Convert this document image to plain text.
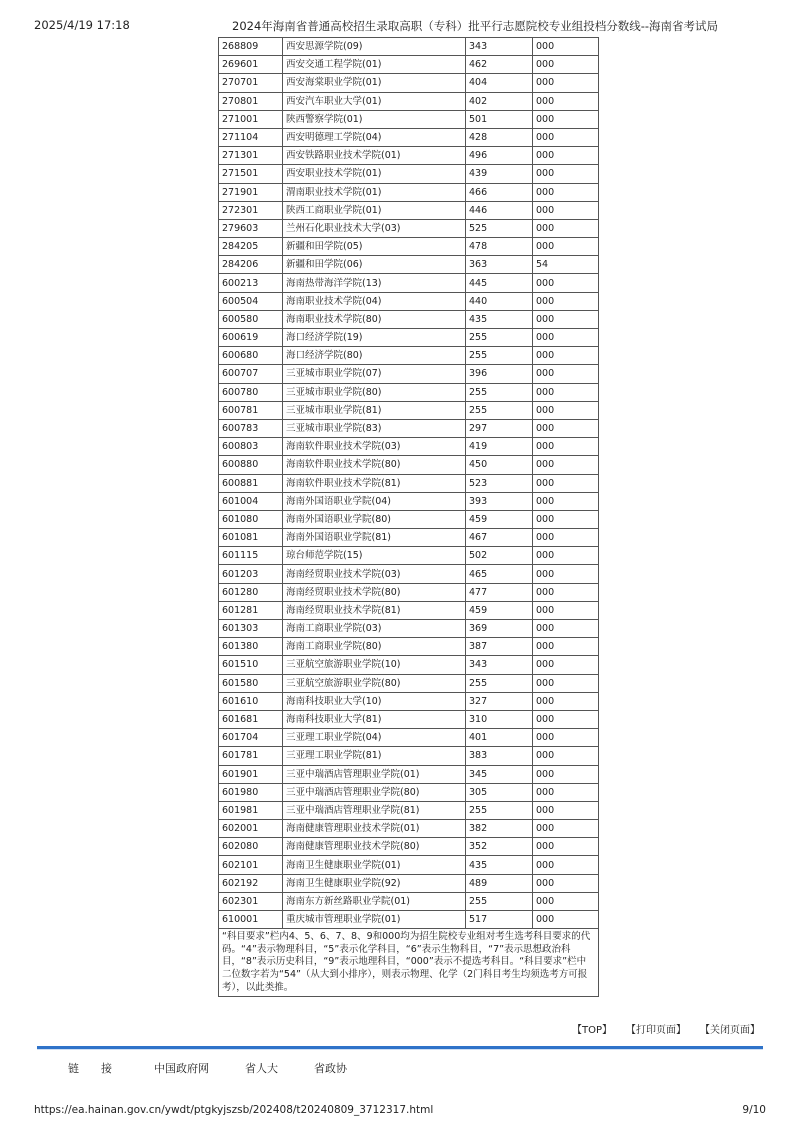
2025/4/19 17:18	2024年海南省普通高校招生录取高职（专科）批平行志愿院校专业组投档分数线--海南省考试局
268809	西安思源学院(09)	343	000
269601	西安交通工程学院(01)	462	000
270701	西安海棠职业学院(01)	404	000
270801	西安汽车职业大学(01)	402	000
271001	陕西警察学院(01)	501	000
271104	西安明德理工学院(04)	428	000
271301	西安铁路职业技术学院(01)	496	000
271501	西安职业技术学院(01)	439	000
271901	渭南职业技术学院(01)	466	000
272301	陕西工商职业学院(01)	446	000
279603	兰州石化职业技术大学(03)	525	000
284205	新疆和田学院(05)	478	000
284206	新疆和田学院(06)	363	54
600213	海南热带海洋学院(13)	445	000
600504	海南职业技术学院(04)	440	000
600580	海南职业技术学院(80)	435	000
600619	海口经济学院(19)	255	000
600680	海口经济学院(80)	255	000
600707	三亚城市职业学院(07)	396	000
600780	三亚城市职业学院(80)	255	000
600781	三亚城市职业学院(81)	255	000
600783	三亚城市职业学院(83)	297	000
600803	海南软件职业技术学院(03)	419	000
600880	海南软件职业技术学院(80)	450	000
600881	海南软件职业技术学院(81)	523	000
601004	海南外国语职业学院(04)	393	000
601080	海南外国语职业学院(80)	459	000
601081	海南外国语职业学院(81)	467	000
601115	琼台师范学院(15)	502	000
601203	海南经贸职业技术学院(03)	465	000
601280	海南经贸职业技术学院(80)	477	000
601281	海南经贸职业技术学院(81)	459	000
601303	海南工商职业学院(03)	369	000
601380	海南工商职业学院(80)	387	000
601510	三亚航空旅游职业学院(10)	343	000
601580	三亚航空旅游职业学院(80)	255	000
601610	海南科技职业大学(10)	327	000
601681	海南科技职业大学(81)	310	000
601704	三亚理工职业学院(04)	401	000
601781	三亚理工职业学院(81)	383	000
601901	三亚中瑞酒店管理职业学院(01)	345	000
601980	三亚中瑞酒店管理职业学院(80)	305	000
601981	三亚中瑞酒店管理职业学院(81)	255	000
602001	海南健康管理职业技术学院(01)	382	000
602080	海南健康管理职业技术学院(80)	352	000
602101	海南卫生健康职业学院(01)	435	000
602192	海南卫生健康职业学院(92)	489	000
602301	海南东方新丝路职业学院(01)	255	000
610001	重庆城市管理职业学院(01)	517	000
“科目要求”栏内4、5、6、7、8、9和000均为招生院校专业组对考生选考科目要求的代码。“4”表示物理科目，“5”表示化学科目，“6”表示生物科目，“7”表示思想政治科目，“8”表示历史科目，“9”表示地理科目，“000”表示不提选考科目。“科目要求”栏中二位数字若为“54”（从大到小排序），则表示物理、化学（2门科目考生均须选考方可报考），以此类推。			
【TOP】 【打印页面】 【关闭页面】
链接 中国政府网	省人大	省政协
https://ea.hainan.gov.cn/ywdt/ptgkyjszsb/202408/t20240809_3712317.html	9/10
